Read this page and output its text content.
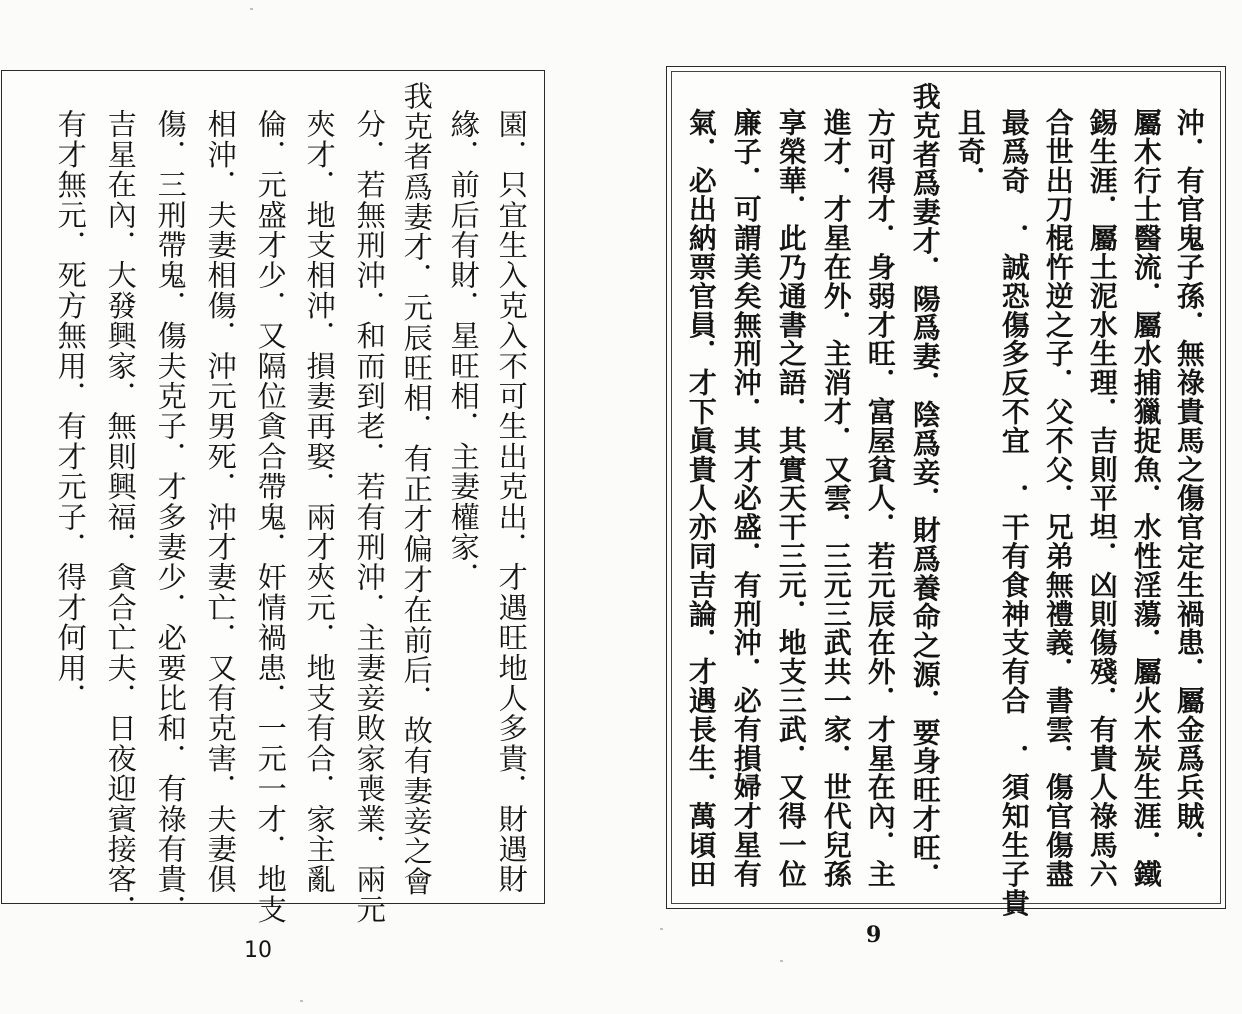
有才無元．死方無用．有才元子．得才何用． 吉星在內．大發興家．無則興福．貪合亡夫．日夜迎賓接客． 傷．三刑帶鬼．傷夫克子．才多妻少．必要比和．有祿有貴． 相沖．夫妻相傷．沖元男死．沖才妻亡．又有克害．夫妻俱 倫．元盛才少．又隔位貪合帶鬼．奸情禍患．一元一才．地支 夾才．地支相沖．損妻再娶．兩才夾元．地支有合．家主亂 分．若無刑沖．和而到老．若有刑沖．主妻妾敗家喪業．兩元 我克者爲妻才．元辰旺相．有正才偏才在前后．故有妻妾之會 緣．前后有財．星旺相．主妻權家． 園．只宜生入克入不可生出克出．才遇旺地人多貴．財遇財
10
氣．必出納票官員．才下眞貴人亦同吉論．才遇長生．萬頃田 廉子．可謂美矣無刑沖．其才必盛．有刑沖．必有損婦才星有 享榮華．此乃通書之語．其實天干三元．地支三武．又得一位 進才．才星在外．主消才．又雲．三元三武共一家．世代兒孫 方可得才．身弱才旺．富屋貧人．若元辰在外．才星在內．主 我克者爲妻才．陽爲妻．陰爲妾．財爲養命之源．要身旺才旺． 且奇． 最爲奇　．誠恐傷多反不宜　．干有食神支有合　．須知生子貴 合世出刀棍忤逆之子．父不父．兄弟無禮義．書雲．傷官傷盡 錫生涯．屬土泥水生理．吉則平坦．凶則傷殘．有貴人祿馬六 屬木行士醫流．屬水捕獵捉魚．水性淫蕩．屬火木炭生涯．鐵 沖．有官鬼子孫．無祿貴馬之傷官定生禍患．屬金爲兵賊．
9
